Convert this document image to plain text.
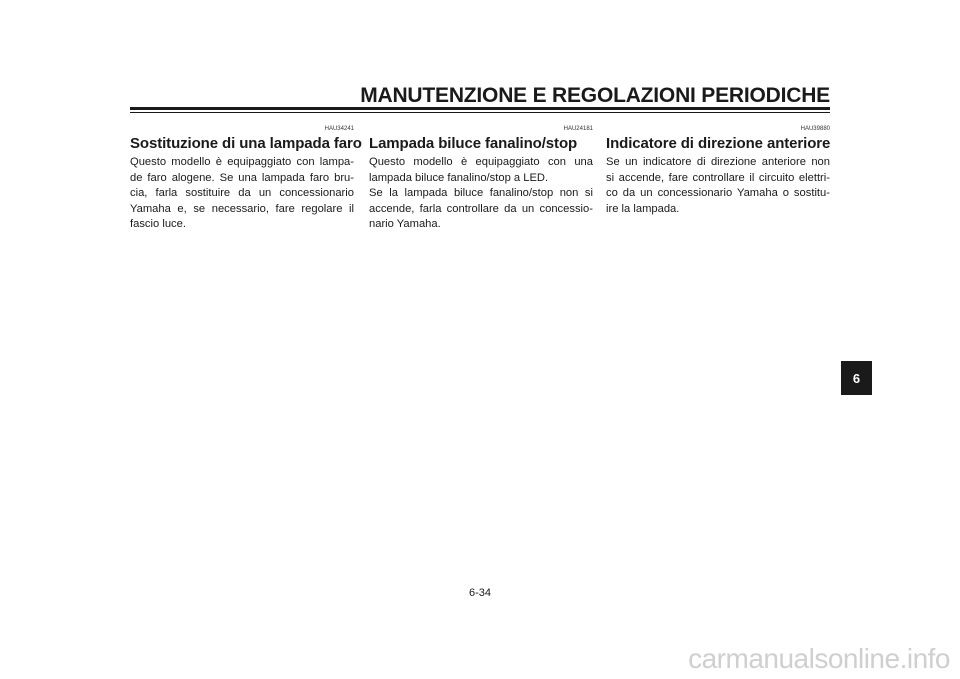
MANUTENZIONE E REGOLAZIONI PERIODICHE
HAU34241
Sostituzione di una lampada faro
Questo modello è equipaggiato con lampa-
de faro alogene. Se una lampada faro bru-
cia, farla sostituire da un concessionario
Yamaha e, se necessario, fare regolare il
fascio luce.
HAU24181
Lampada biluce fanalino/stop
Questo modello è equipaggiato con una
lampada biluce fanalino/stop a LED.
Se la lampada biluce fanalino/stop non si
accende, farla controllare da un concessio-
nario Yamaha.
HAU39880
Indicatore di direzione anteriore
Se un indicatore di direzione anteriore non
si accende, fare controllare il circuito elettri-
co da un concessionario Yamaha o sostitu-
ire la lampada.
6
6-34
carmanualsonline.info
